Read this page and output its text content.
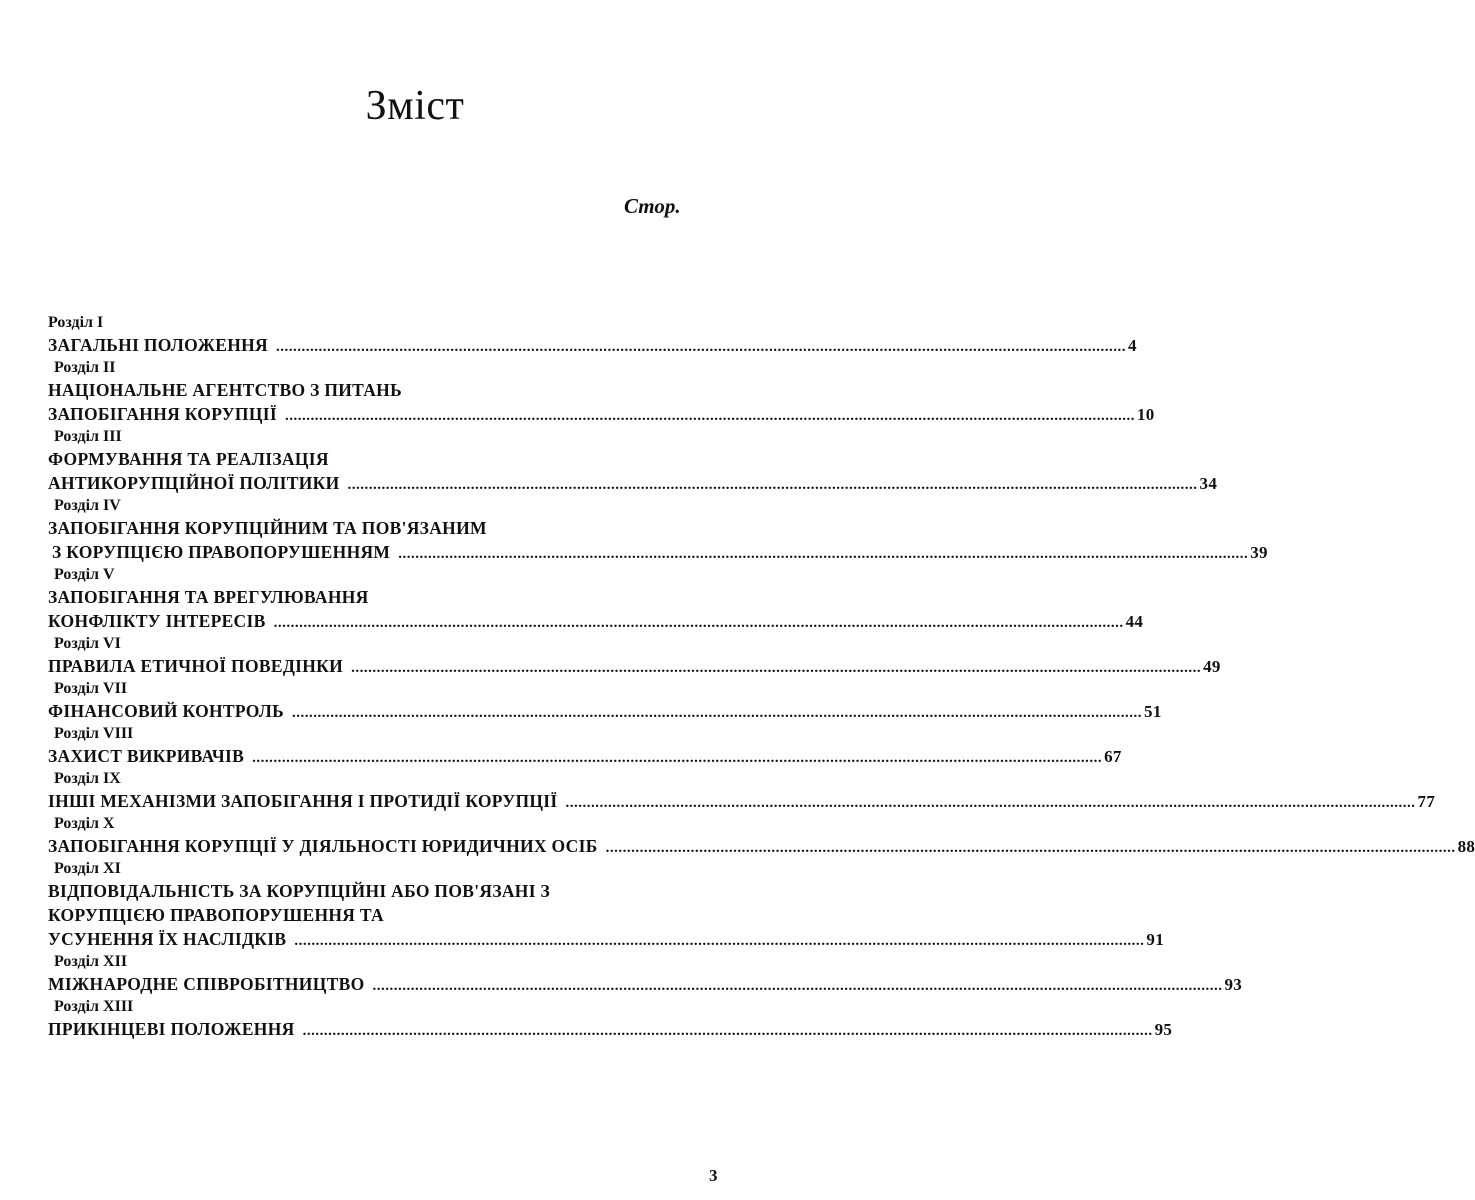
Зміст
Стор.
Розділ I
ЗАГАЛЬНІ ПОЛОЖЕННЯ ........................................................................................................................................................................................................ 4
Розділ II
НАЦІОНАЛЬНЕ АГЕНТСТВО З ПИТАНЬ
ЗАПОБІГАННЯ КОРУПЦІЇ ........................................................................................................................................................................................................ 10
Розділ III
ФОРМУВАННЯ ТА РЕАЛІЗАЦІЯ
АНТИКОРУПЦІЙНОЇ ПОЛІТИКИ ........................................................................................................................................................................................................ 34
Розділ IV
ЗАПОБІГАННЯ КОРУПЦІЙНИМ ТА ПОВ'ЯЗАНИМ
З КОРУПЦІЄЮ ПРАВОПОРУШЕННЯМ ........................................................................................................................................................................................................ 39
Розділ V
ЗАПОБІГАННЯ ТА ВРЕГУЛЮВАННЯ
КОНФЛІКТУ ІНТЕРЕСІВ ........................................................................................................................................................................................................ 44
Розділ VI
ПРАВИЛА ЕТИЧНОЇ ПОВЕДІНКИ ........................................................................................................................................................................................................ 49
Розділ VII
ФІНАНСОВИЙ КОНТРОЛЬ ........................................................................................................................................................................................................ 51
Розділ VIII
ЗАХИСТ ВИКРИВАЧІВ ........................................................................................................................................................................................................ 67
Розділ IX
ІНШІ МЕХАНІЗМИ ЗАПОБІГАННЯ І ПРОТИДІЇ КОРУПЦІЇ ........................................................................................................................................................................................................ 77
Розділ X
ЗАПОБІГАННЯ КОРУПЦІЇ У ДІЯЛЬНОСТІ ЮРИДИЧНИХ ОСІБ ........................................................................................................................................................................................................ 88
Розділ XI
ВІДПОВІДАЛЬНІСТЬ ЗА КОРУПЦІЙНІ АБО ПОВ'ЯЗАНІ З
КОРУПЦІЄЮ ПРАВОПОРУШЕННЯ ТА
УСУНЕННЯ ЇХ НАСЛІДКІВ ........................................................................................................................................................................................................ 91
Розділ XII
МІЖНАРОДНЕ СПІВРОБІТНИЦТВО ........................................................................................................................................................................................................ 93
Розділ XIII
ПРИКІНЦЕВІ ПОЛОЖЕННЯ ........................................................................................................................................................................................................ 95
3
